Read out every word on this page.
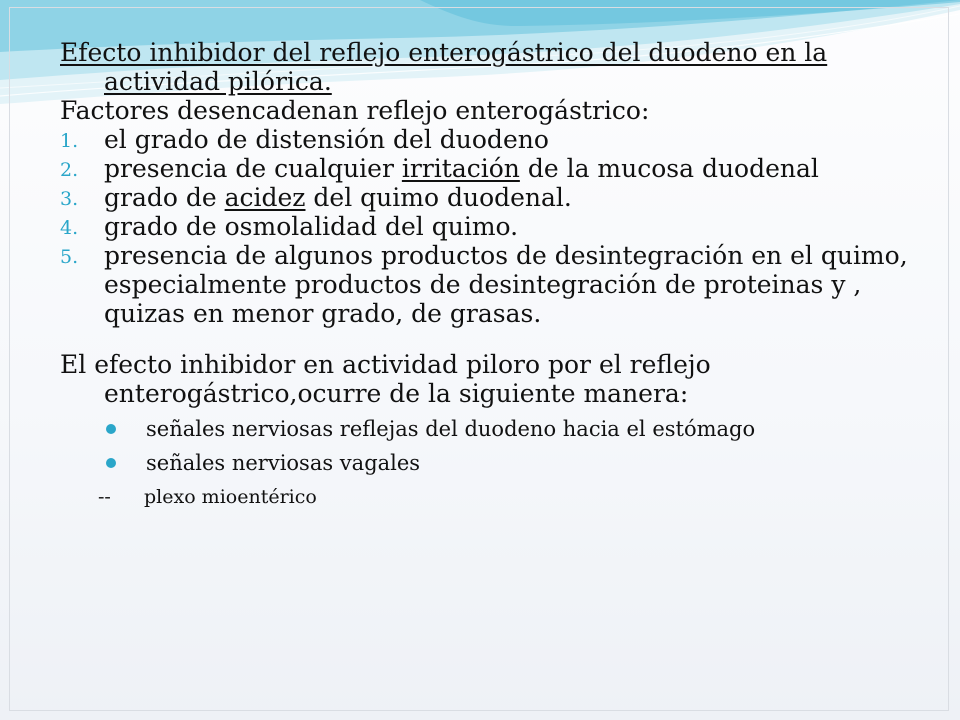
Efecto inhibidor del reflejo enterogástrico del duodeno en la actividad pilórica.

Factores desencadenan reflejo enterogástrico:

1. el grado de distensión del duodeno
2. presencia de cualquier irritación de la mucosa duodenal
3. grado de acidez del quimo duodenal.
4. grado de osmolalidad del quimo.
5. presencia de algunos productos de desintegración en el quimo, especialmente productos de desintegración de proteinas y , quizas en menor grado, de grasas.

El efecto inhibidor en actividad piloro por el reflejo enterogástrico,ocurre de la siguiente manera:

señales nerviosas reflejas del duodeno hacia el estómago
señales nerviosas vagales
-- plexo mioentérico
